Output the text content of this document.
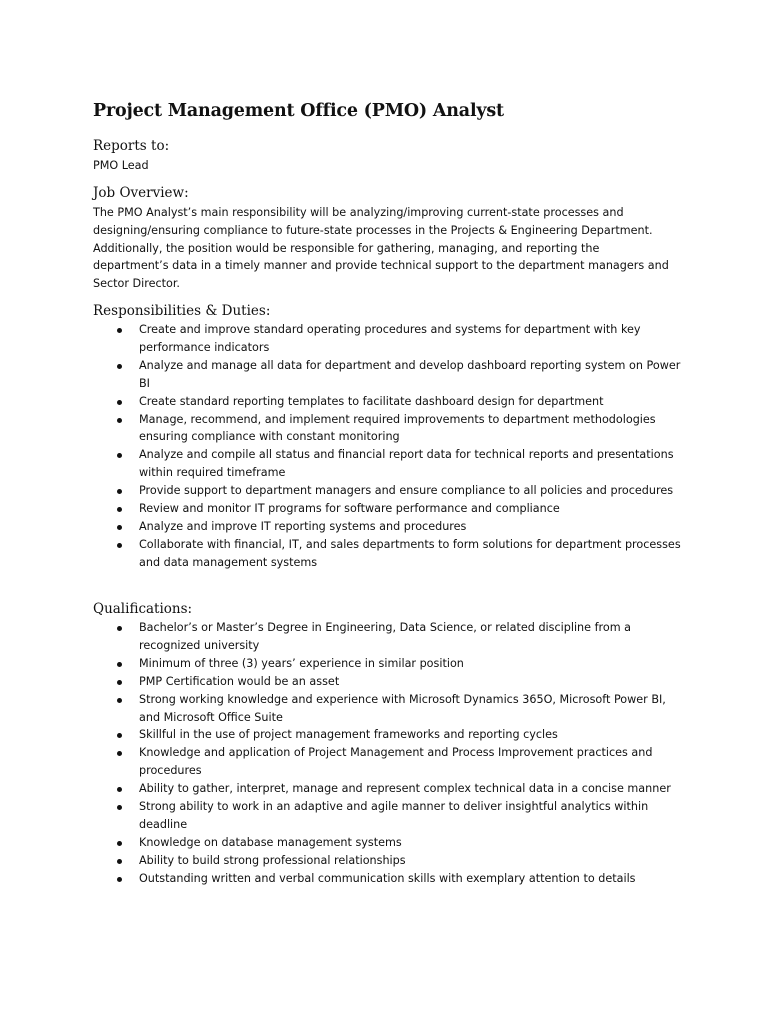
Project Management Office (PMO) Analyst
Reports to:

PMO Lead

Job Overview:

The PMO Analyst’s main responsibility will be analyzing/improving current-state processes and designing/ensuring compliance to future-state processes in the Projects & Engineering Department. Additionally, the position would be responsible for gathering, managing, and reporting the department’s data in a timely manner and provide technical support to the department managers and Sector Director.

Responsibilities & Duties:
Create and improve standard operating procedures and systems for department with key performance indicators
Analyze and manage all data for department and develop dashboard reporting system on Power BI
Create standard reporting templates to facilitate dashboard design for department
Manage, recommend, and implement required improvements to department methodologies ensuring compliance with constant monitoring
Analyze and compile all status and financial report data for technical reports and presentations within required timeframe
Provide support to department managers and ensure compliance to all policies and procedures
Review and monitor IT programs for software performance and compliance
Analyze and improve IT reporting systems and procedures
Collaborate with financial, IT, and sales departments to form solutions for department processes and data management systems
Qualifications:
Bachelor’s or Master’s Degree in Engineering, Data Science, or related discipline from a recognized university
Minimum of three (3) years’ experience in similar position
PMP Certification would be an asset
Strong working knowledge and experience with Microsoft Dynamics 365O, Microsoft Power BI, and Microsoft Office Suite
Skillful in the use of project management frameworks and reporting cycles
Knowledge and application of Project Management and Process Improvement practices and procedures
Ability to gather, interpret, manage and represent complex technical data in a concise manner
Strong ability to work in an adaptive and agile manner to deliver insightful analytics within deadline
Knowledge on database management systems
Ability to build strong professional relationships
Outstanding written and verbal communication skills with exemplary attention to details
